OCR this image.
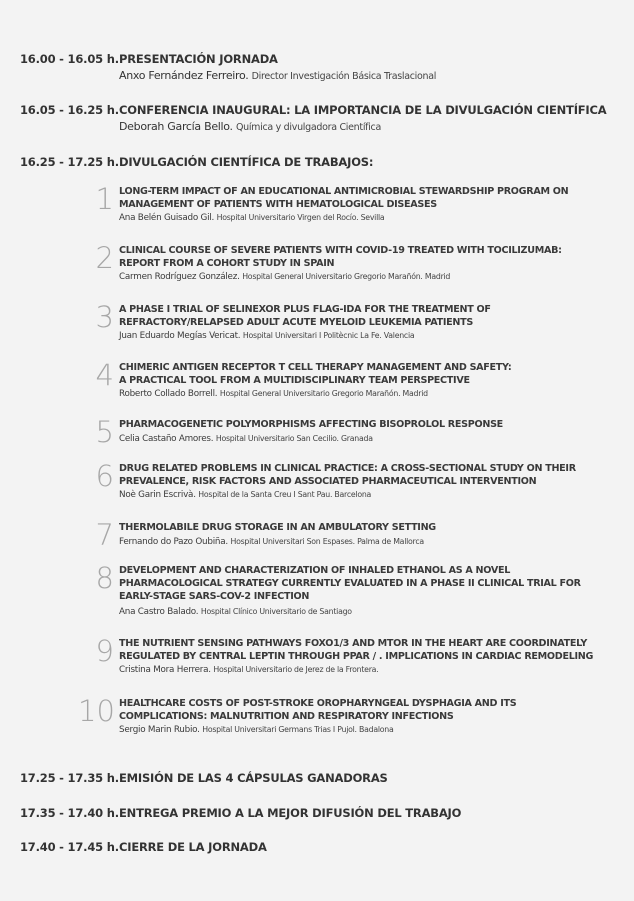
16.00 - 16.05 h. PRESENTACIÓN JORNADA
Anxo Fernández Ferreiro. Director Investigación Básica Traslacional
16.05 - 16.25 h. CONFERENCIA INAUGURAL: LA IMPORTANCIA DE LA DIVULGACIÓN CIENTÍFICA
Deborah García Bello. Química y divulgadora Científica
16.25 - 17.25 h. DIVULGACIÓN CIENTÍFICA DE TRABAJOS:
1 LONG-TERM IMPACT OF AN EDUCATIONAL ANTIMICROBIAL STEWARDSHIP PROGRAM ON
MANAGEMENT OF PATIENTS WITH HEMATOLOGICAL DISEASES
Ana Belén Guisado Gil. Hospital Universitario Virgen del Rocío. Sevilla
2 CLINICAL COURSE OF SEVERE PATIENTS WITH COVID-19 TREATED WITH TOCILIZUMAB:
REPORT FROM A COHORT STUDY IN SPAIN
Carmen Rodríguez González. Hospital General Universitario Gregorio Marañón. Madrid
3 A PHASE I TRIAL OF SELINEXOR PLUS FLAG-IDA FOR THE TREATMENT OF
REFRACTORY/RELAPSED ADULT ACUTE MYELOID LEUKEMIA PATIENTS
Juan Eduardo Megías Vericat. Hospital Universitari I Politècnic La Fe. Valencia
4 CHIMERIC ANTIGEN RECEPTOR T CELL THERAPY MANAGEMENT AND SAFETY:
A PRACTICAL TOOL FROM A MULTIDISCIPLINARY TEAM PERSPECTIVE
Roberto Collado Borrell. Hospital General Universitario Gregorio Marañón. Madrid
5 PHARMACOGENETIC POLYMORPHISMS AFFECTING BISOPROLOL RESPONSE
Celia Castaño Amores. Hospital Universitario San Cecilio. Granada
6 DRUG RELATED PROBLEMS IN CLINICAL PRACTICE: A CROSS-SECTIONAL STUDY ON THEIR
PREVALENCE, RISK FACTORS AND ASSOCIATED PHARMACEUTICAL INTERVENTION
Noè Garin Escrivà. Hospital de la Santa Creu I Sant Pau. Barcelona
7 THERMOLABILE DRUG STORAGE IN AN AMBULATORY SETTING
Fernando do Pazo Oubiña. Hospital Universitari Son Espases. Palma de Mallorca
8 DEVELOPMENT AND CHARACTERIZATION OF INHALED ETHANOL AS A NOVEL
PHARMACOLOGICAL STRATEGY CURRENTLY EVALUATED IN A PHASE II CLINICAL TRIAL FOR
EARLY-STAGE SARS-COV-2 INFECTION
Ana Castro Balado. Hospital Clínico Universitario de Santiago
9 THE NUTRIENT SENSING PATHWAYS FOXO1/3 AND MTOR IN THE HEART ARE COORDINATELY
REGULATED BY CENTRAL LEPTIN THROUGH PPAR / . IMPLICATIONS IN CARDIAC REMODELING
Cristina Mora Herrera. Hospital Universitario de Jerez de la Frontera.
10 HEALTHCARE COSTS OF POST-STROKE OROPHARYNGEAL DYSPHAGIA AND ITS
COMPLICATIONS: MALNUTRITION AND RESPIRATORY INFECTIONS
Sergio Marin Rubio. Hospital Universitari Germans Trias I Pujol. Badalona
17.25 - 17.35 h. EMISIÓN DE LAS 4 CÁPSULAS GANADORAS
17.35 - 17.40 h. ENTREGA PREMIO A LA MEJOR DIFUSIÓN DEL TRABAJO
17.40 - 17.45 h. CIERRE DE LA JORNADA
